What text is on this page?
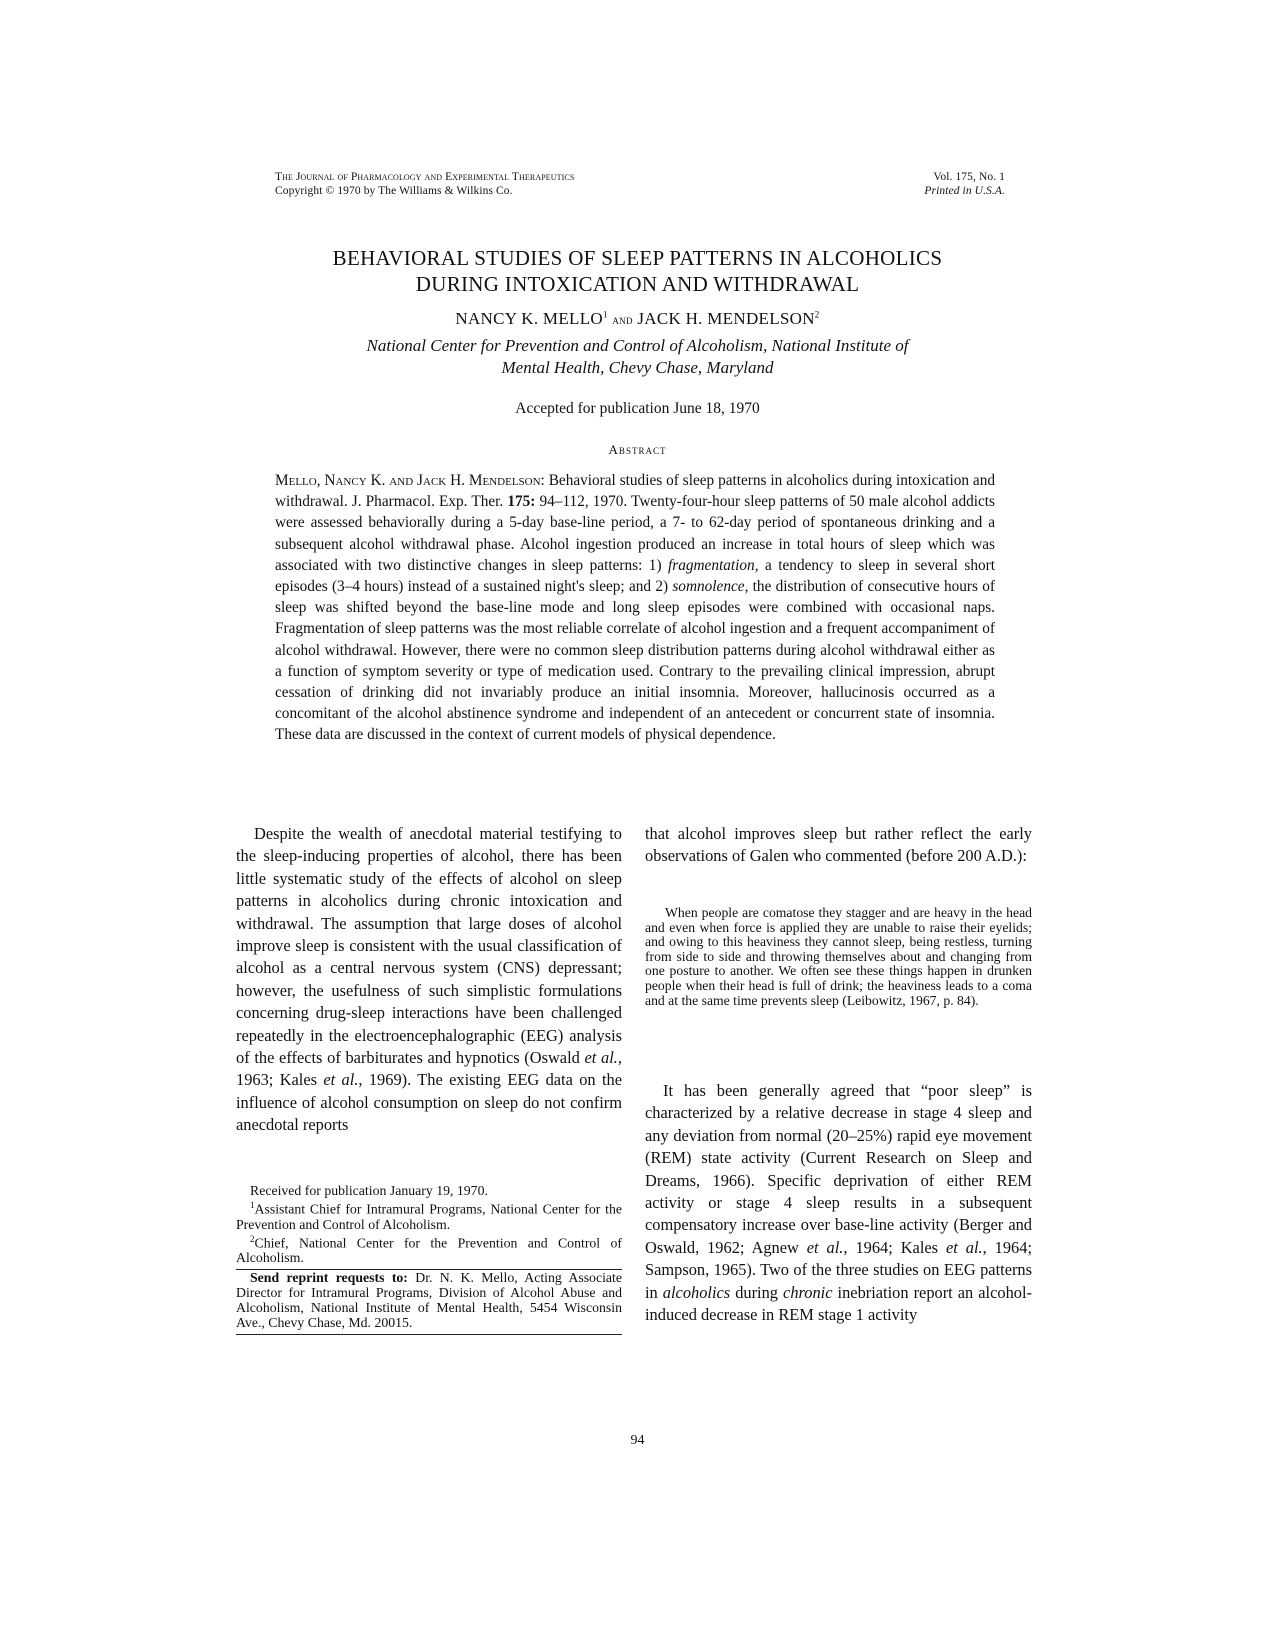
The Journal of Pharmacology and Experimental Therapeutics
Copyright © 1970 by The Williams & Wilkins Co.
Vol. 175, No. 1
Printed in U.S.A.
BEHAVIORAL STUDIES OF SLEEP PATTERNS IN ALCOHOLICS
DURING INTOXICATION AND WITHDRAWAL
NANCY K. MELLO$^1$ and JACK H. MENDELSON$^2$
National Center for Prevention and Control of Alcoholism, National Institute of
Mental Health, Chevy Chase, Maryland
Accepted for publication June 18, 1970
Abstract
Mello, Nancy K. and Jack H. Mendelson: Behavioral studies of sleep patterns in alcoholics during intoxication and withdrawal. J. Pharmacol. Exp. Ther. 175: 94–112, 1970. Twenty-four-hour sleep patterns of 50 male alcohol addicts were assessed behaviorally during a 5-day base-line period, a 7- to 62-day period of spontaneous drinking and a subsequent alcohol withdrawal phase. Alcohol ingestion produced an increase in total hours of sleep which was associated with two distinctive changes in sleep patterns: 1) fragmentation, a tendency to sleep in several short episodes (3–4 hours) instead of a sustained night's sleep; and 2) somnolence, the distribution of consecutive hours of sleep was shifted beyond the base-line mode and long sleep episodes were combined with occasional naps. Fragmentation of sleep patterns was the most reliable correlate of alcohol ingestion and a frequent accompaniment of alcohol withdrawal. However, there were no common sleep distribution patterns during alcohol withdrawal either as a function of symptom severity or type of medication used. Contrary to the prevailing clinical impression, abrupt cessation of drinking did not invariably produce an initial insomnia. Moreover, hallucinosis occurred as a concomitant of the alcohol abstinence syndrome and independent of an antecedent or concurrent state of insomnia. These data are discussed in the context of current models of physical dependence.

Despite the wealth of anecdotal material testifying to the sleep-inducing properties of alcohol, there has been little systematic study of the effects of alcohol on sleep patterns in alcoholics during chronic intoxication and withdrawal. The assumption that large doses of alcohol improve sleep is consistent with the usual classification of alcohol as a central nervous system (CNS) depressant; however, the usefulness of such simplistic formulations concerning drug-sleep interactions have been challenged repeatedly in the electroencephalographic (EEG) analysis of the effects of barbiturates and hypnotics (Oswald et al., 1963; Kales et al., 1969). The existing EEG data on the influence of alcohol consumption on sleep do not confirm anecdotal reports

Received for publication January 19, 1970.

$^1$Assistant Chief for Intramural Programs, National Center for the Prevention and Control of Alcoholism.

$^2$Chief, National Center for the Prevention and Control of Alcoholism.

Send reprint requests to: Dr. N. K. Mello, Acting Associate Director for Intramural Programs, Division of Alcohol Abuse and Alcoholism, National Institute of Mental Health, 5454 Wisconsin Ave., Chevy Chase, Md. 20015.

that alcohol improves sleep but rather reflect the early observations of Galen who commented (before 200 A.D.):

When people are comatose they stagger and are heavy in the head and even when force is applied they are unable to raise their eyelids; and owing to this heaviness they cannot sleep, being restless, turning from side to side and throwing themselves about and changing from one posture to another. We often see these things happen in drunken people when their head is full of drink; the heaviness leads to a coma and at the same time prevents sleep (Leibowitz, 1967, p. 84).

It has been generally agreed that “poor sleep” is characterized by a relative decrease in stage 4 sleep and any deviation from normal (20–25%) rapid eye movement (REM) state activity (Current Research on Sleep and Dreams, 1966). Specific deprivation of either REM activity or stage 4 sleep results in a subsequent compensatory increase over base-line activity (Berger and Oswald, 1962; Agnew et al., 1964; Kales et al., 1964; Sampson, 1965). Two of the three studies on EEG patterns in alcoholics during chronic inebriation report an alcohol-induced decrease in REM stage 1 activity

94
